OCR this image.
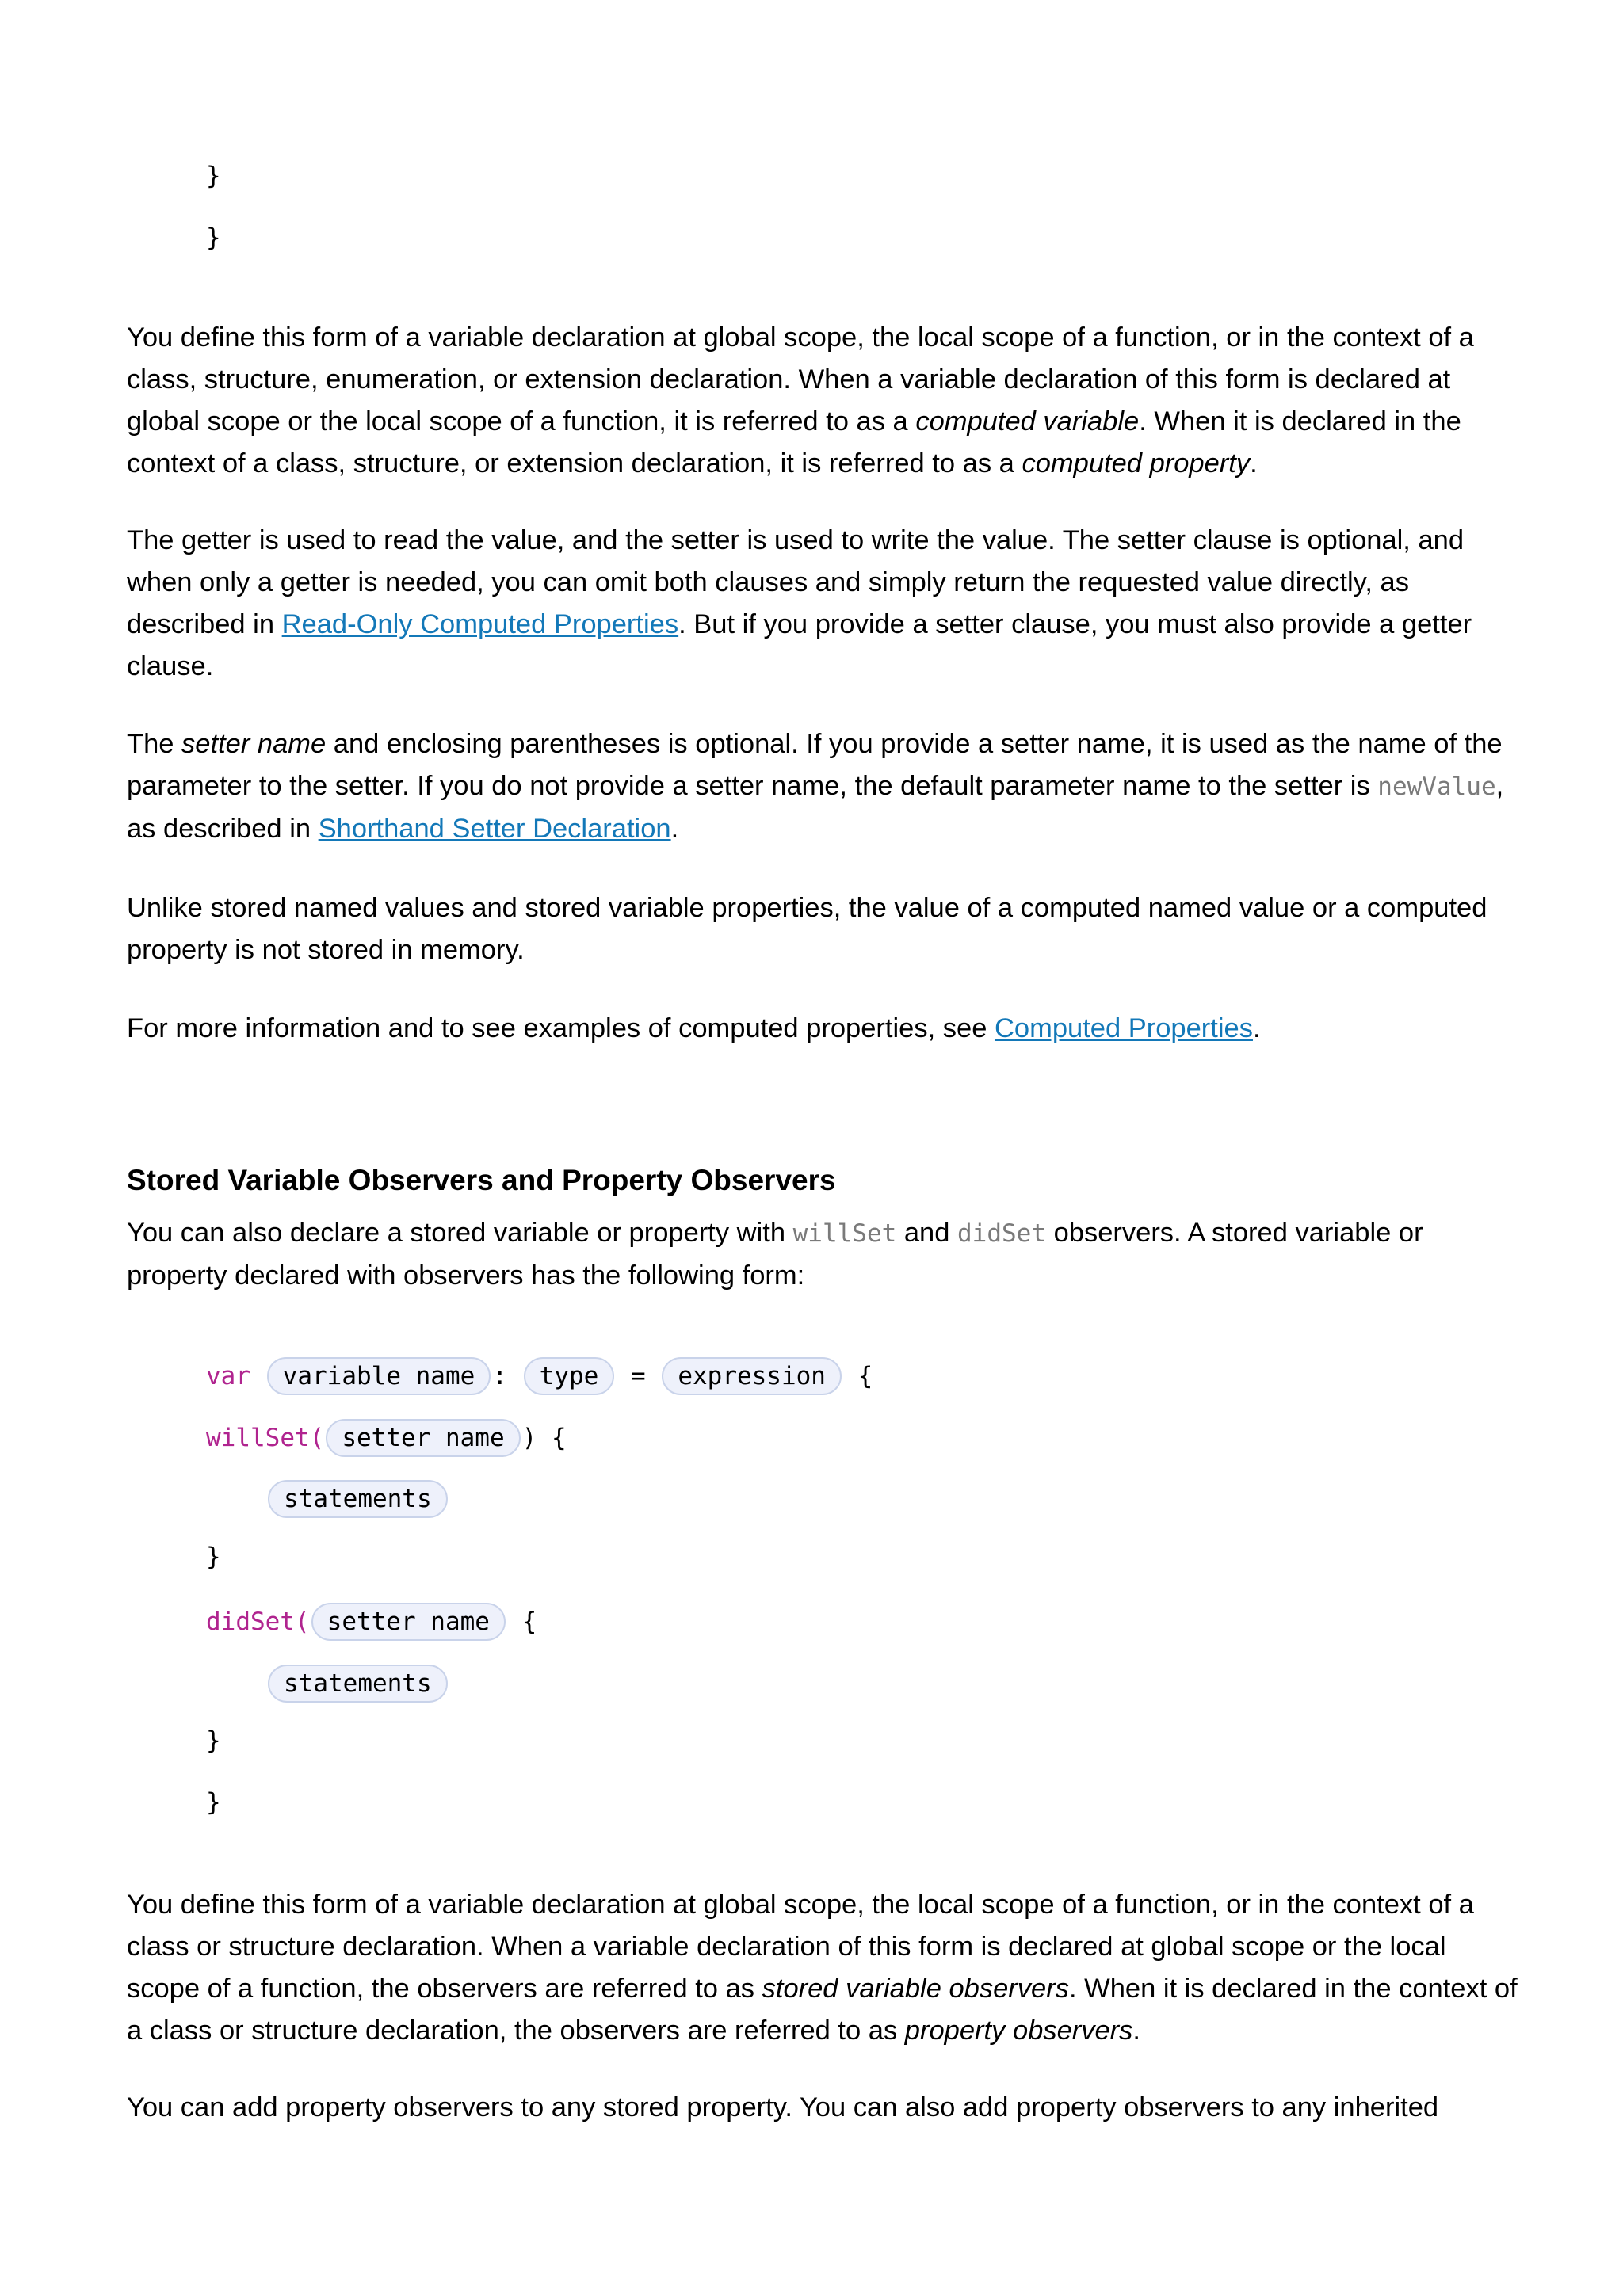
}
}

You define this form of a variable declaration at global scope, the local scope of a function, or in the context of a class, structure, enumeration, or extension declaration. When a variable declaration of this form is declared at global scope or the local scope of a function, it is referred to as a computed variable. When it is declared in the context of a class, structure, or extension declaration, it is referred to as a computed property.

The getter is used to read the value, and the setter is used to write the value. The setter clause is optional, and when only a getter is needed, you can omit both clauses and simply return the requested value directly, as described in Read-Only Computed Properties. But if you provide a setter clause, you must also provide a getter clause.

The setter name and enclosing parentheses is optional. If you provide a setter name, it is used as the name of the parameter to the setter. If you do not provide a setter name, the default parameter name to the setter is newValue, as described in Shorthand Setter Declaration.

Unlike stored named values and stored variable properties, the value of a computed named value or a computed property is not stored in memory.

For more information and to see examples of computed properties, see Computed Properties.

Stored Variable Observers and Property Observers

You can also declare a stored variable or property with willSet and didSet observers. A stored variable or property declared with observers has the following form:

var variable name : type = expression {
willSet( setter name ) {
statements
}
didSet( setter name {
statements
}
}

You define this form of a variable declaration at global scope, the local scope of a function, or in the context of a class or structure declaration. When a variable declaration of this form is declared at global scope or the local scope of a function, the observers are referred to as stored variable observers. When it is declared in the context of a class or structure declaration, the observers are referred to as property observers.

You can add property observers to any stored property. You can also add property observers to any inherited
